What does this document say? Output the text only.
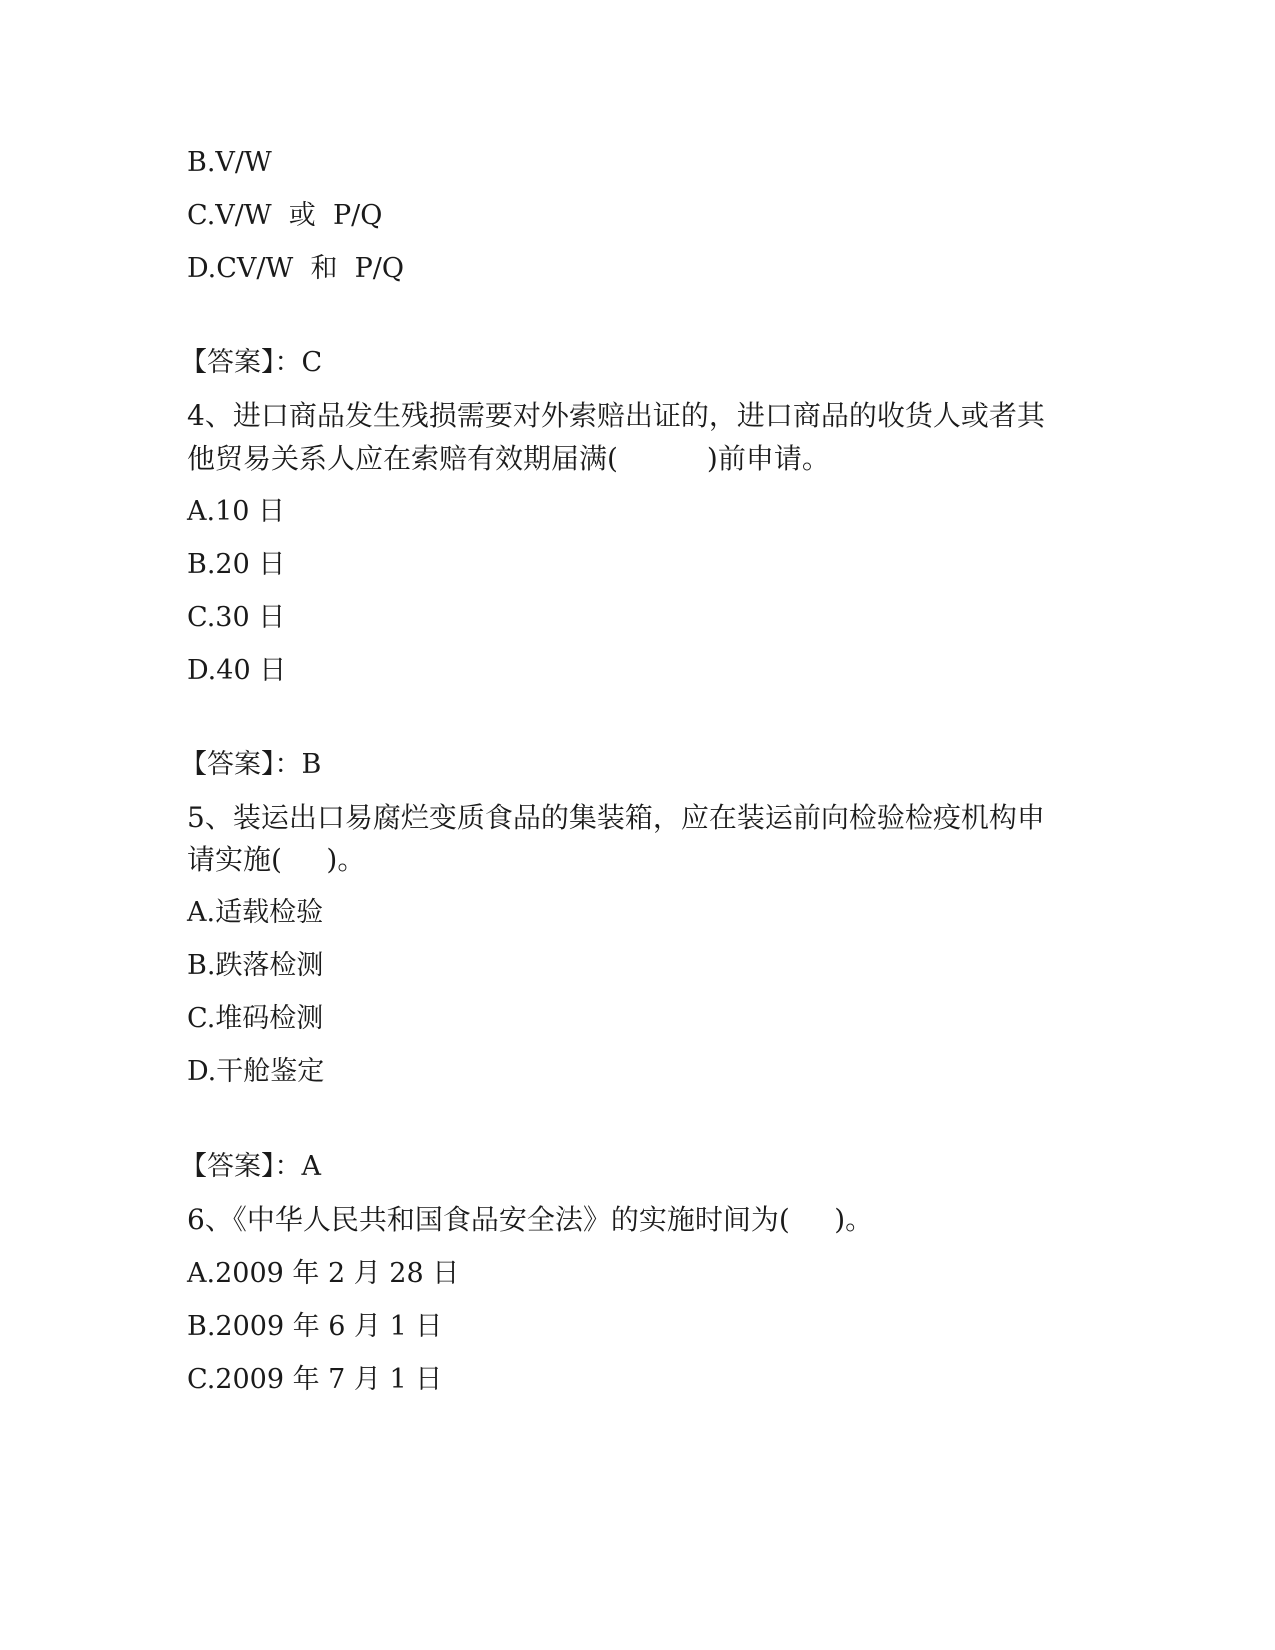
B.V/W
C.V/W  或  P/Q
D.CV/W  和  P/Q
【答案】：C
4、进口商品发生残损需要对外索赔出证的，进口商品的收货人或者其
他贸易关系人应在索赔有效期届满(          )前申请。
A.10 日
B.20 日
C.30 日
D.40 日
【答案】：B
5、装运出口易腐烂变质食品的集装箱，应在装运前向检验检疫机构申
请实施(     )。
A.适载检验
B.跌落检测
C.堆码检测
D.干舱鉴定
【答案】：A
6、《中华人民共和国食品安全法》的实施时间为(     )。
A.2009 年 2 月 28 日
B.2009 年 6 月 1 日
C.2009 年 7 月 1 日
